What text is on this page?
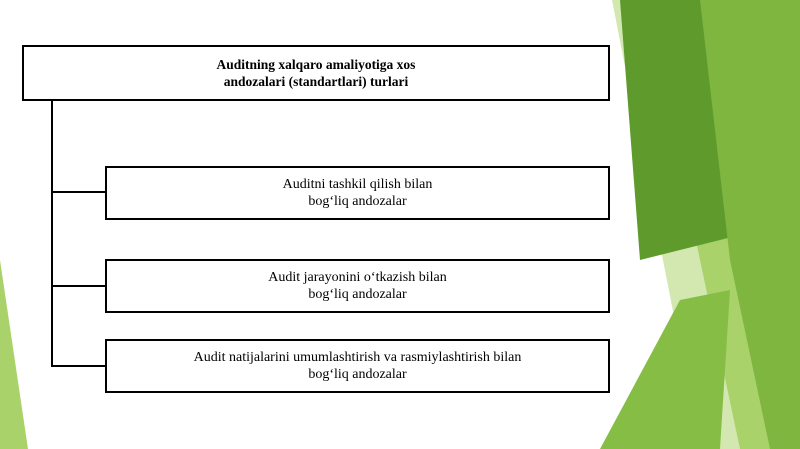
Auditning xalqaro amaliyotiga xos
andozalari (standartlari) turlari
Auditni tashkil qilish bilan
bog‘liq andozalar
Audit jarayonini o‘tkazish bilan
bog‘liq andozalar
Audit natijalarini umumlashtirish va rasmiylashtirish bilan
bog‘liq andozalar
